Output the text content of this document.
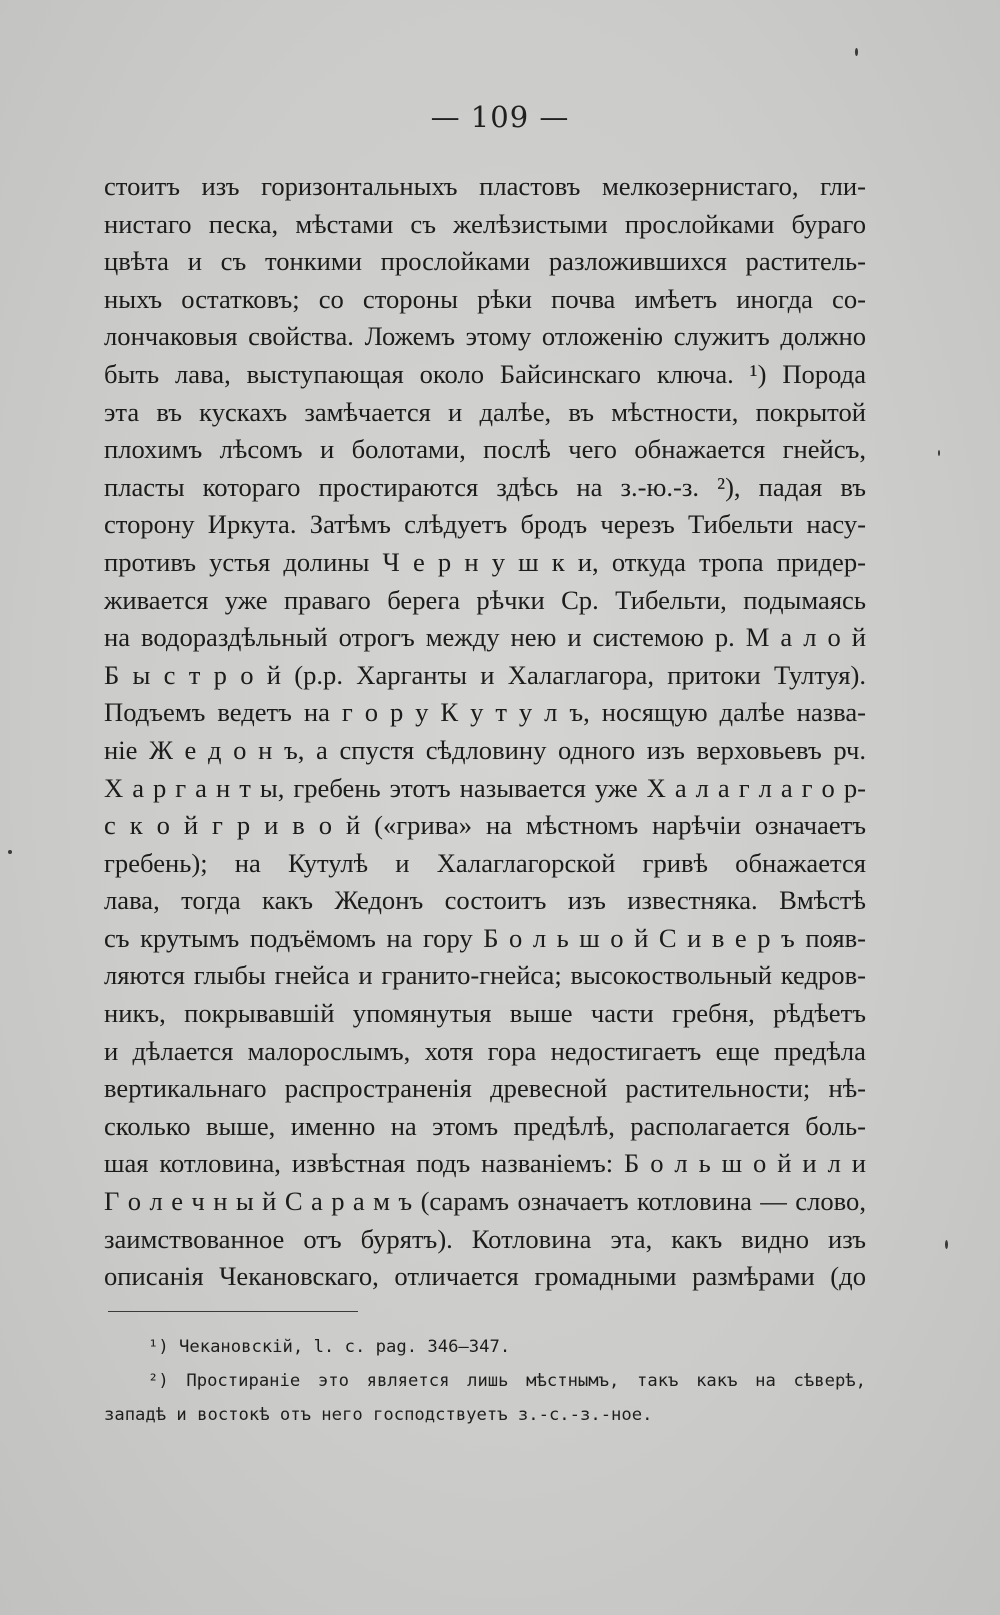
— 109 —
стоитъ изъ горизонтальныхъ пластовъ мелкозернистаго, гли-
нистаго песка, мѣстами съ желѣзистыми прослойками бураго
цвѣта и съ тонкими прослойками разложившихся раститель-
ныхъ остатковъ; со стороны рѣки почва имѣетъ иногда со-
лончаковыя свойства. Ложемъ этому отложенію служитъ должно
быть лава, выступающая около Байсинскаго ключа. ¹) Порода
эта въ кускахъ замѣчается и далѣе, въ мѣстности, покрытой
плохимъ лѣсомъ и болотами, послѣ чего обнажается гнейсъ,
пласты котораго простираются здѣсь на з.-ю.-з. ²), падая въ
сторону Иркута. Затѣмъ слѣдуетъ бродъ черезъ Тибельти насу-
противъ устья долины Ч е р н у ш к и, откуда тропа придер-
живается уже праваго берега рѣчки Ср. Тибельти, подымаясь
на водораздѣльный отрогъ между нею и системою р. М а л о й
Б ы с т р о й (р.р. Харганты и Халаглагора, притоки Тултуя).
Подъемъ ведетъ на г о р у К у т у л ъ, носящую далѣе назва-
ніе Ж е д о н ъ, а спустя сѣдловину одного изъ верховьевъ рч.
Х а р г а н т ы, гребень этотъ называется уже Х а л а г л а г о р-
с к о й г р и в о й («грива» на мѣстномъ нарѣчіи означаетъ
гребень); на Кутулѣ и Халаглагорской гривѣ обнажается
лава, тогда какъ Жедонъ состоитъ изъ известняка. Вмѣстѣ
съ крутымъ подъёмомъ на гору Б о л ь ш о й С и в е р ъ появ-
ляются глыбы гнейса и гранито-гнейса; высокоствольный кедров-
никъ, покрывавшій упомянутыя выше части гребня, рѣдѣетъ
и дѣлается малорослымъ, хотя гора недостигаетъ еще предѣла
вертикальнаго распространенія древесной растительности; нѣ-
сколько выше, именно на этомъ предѣлѣ, располагается боль-
шая котловина, извѣстная подъ названіемъ: Б о л ь ш о й и л и
Г о л е ч н ы й С а р а м ъ (сарамъ означаетъ котловина — слово,
заимствованное отъ бурятъ). Котловина эта, какъ видно изъ
описанія Чекановскаго, отличается громадными размѣрами (до
¹) Чекановскій, l. c. pag. 346—347.
²) Простираніе это является лишь мѣстнымъ, такъ какъ на сѣверѣ,
западѣ и востокѣ отъ него господствуетъ з.-с.-з.-ное.
